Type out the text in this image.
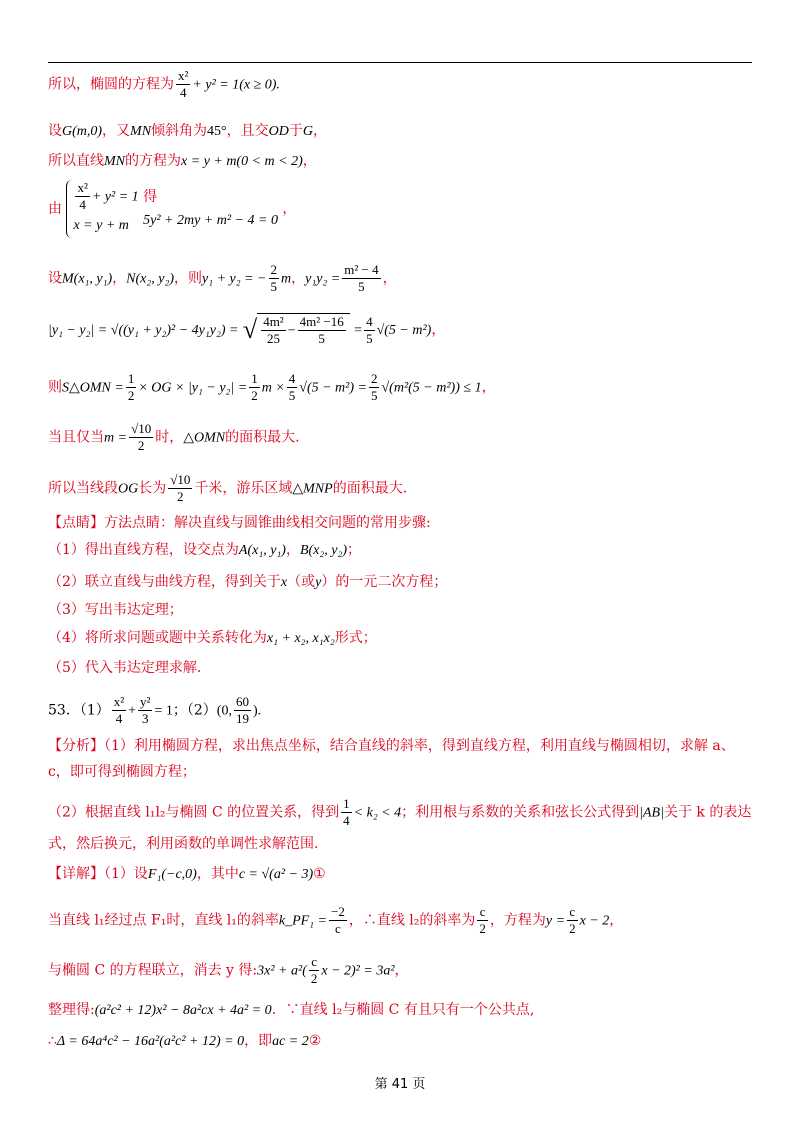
所以，椭圆的方程为 $\frac{\text{x²}}{4} + y^2 = 1(x \ge 0)$.
设G(m,0)，又MN倾斜角为45°，且交OD于G，
所以直线MN的方程为x = y + m(0 < m < 2)，
由 $\frac{\text{x²}}{4} + y^2 = 1$
x = y + m

得
5y² + 2my + m² − 4 = 0
，
设M(x₁, y₁)，N(x₂, y₂)，则y₁ + y₂ = − $\frac{2}{5}$ m，$y_1y_2 = \frac{\text{m² − 4}}{5}$ ，
|y₁ − y₂| = √((y₁ + y₂)² − 4y₁y₂) = √ $\frac{\text{4m²}}{25} - \frac{\text{4m² −16}}{5} = \frac{4}{5} √(5 - m^2)$，
则S△OMN = $\frac{1}{2}$ × OG × $|y_1 - y_2| = \frac{1}{2}$ $m \times \frac{4}{5} √(5 - m^2) = \frac{2}{5} √(m^2(5 - m^2)) \le 1$，
当且仅当$m = \frac{√10}{2}$ 时，△OMN的面积最大.
所以当线段OG长为 $\frac{√10}{2}$ 千米，游乐区域△MNP的面积最大.
【点睛】方法点睛：解决直线与圆锥曲线相交问题的常用步骤:
（1）得出直线方程，设交点为A(x₁, y₁)，B(x₂, y₂)；
（2）联立直线与曲线方程，得到关于x（或y）的一元二次方程；
（3）写出韦达定理；
（4）将所求问题或题中关系转化为x₁ + x₂, x₁x₂形式；
（5）代入韦达定理求解.
53．$(1) \frac{\text{x²}}{4} + \frac{\text{y²}}{3} = 1$；（2）(0, $\frac{60}{19}$ ).
【分析】（1）利用椭圆方程，求出焦点坐标，结合直线的斜率，得到直线方程，利用直线与椭圆相切，求解 a、
c，即可得到椭圆方程；
（2）根据直线 l₁l₂与椭圆 C 的位置关系，得到 $\frac{1}{4} < k_2 < 4$；利用根与系数的关系和弦长公式得到|AB|关于 k 的表达
式，然后换元，利用函数的单调性求解范围.
【详解】（1）设F₁(−c,0)，其中c = √(a² − 3)①
当直线 l₁经过点 F₁时，直线 l₁的斜率k_PF₁ = $\frac{-2}{c}$ ，∴直线 l₂的斜率为 $\frac{c}{2}$ ，方程为$y = \frac{c}{2}$ x − 2，
与椭圆 C 的方程联立，消去 y 得:3x² + $a^2( \frac{c}{2}$ x − 2)² = 3a²，
整理得:(a²c² + 12)x² − 8a²cx + 4a² = 0．∵直线 l₂与椭圆 C 有且只有一个公共点,
∴Δ = 64a⁴c² − 16a²(a²c² + 12) = 0，即ac = 2②
第 41 页
